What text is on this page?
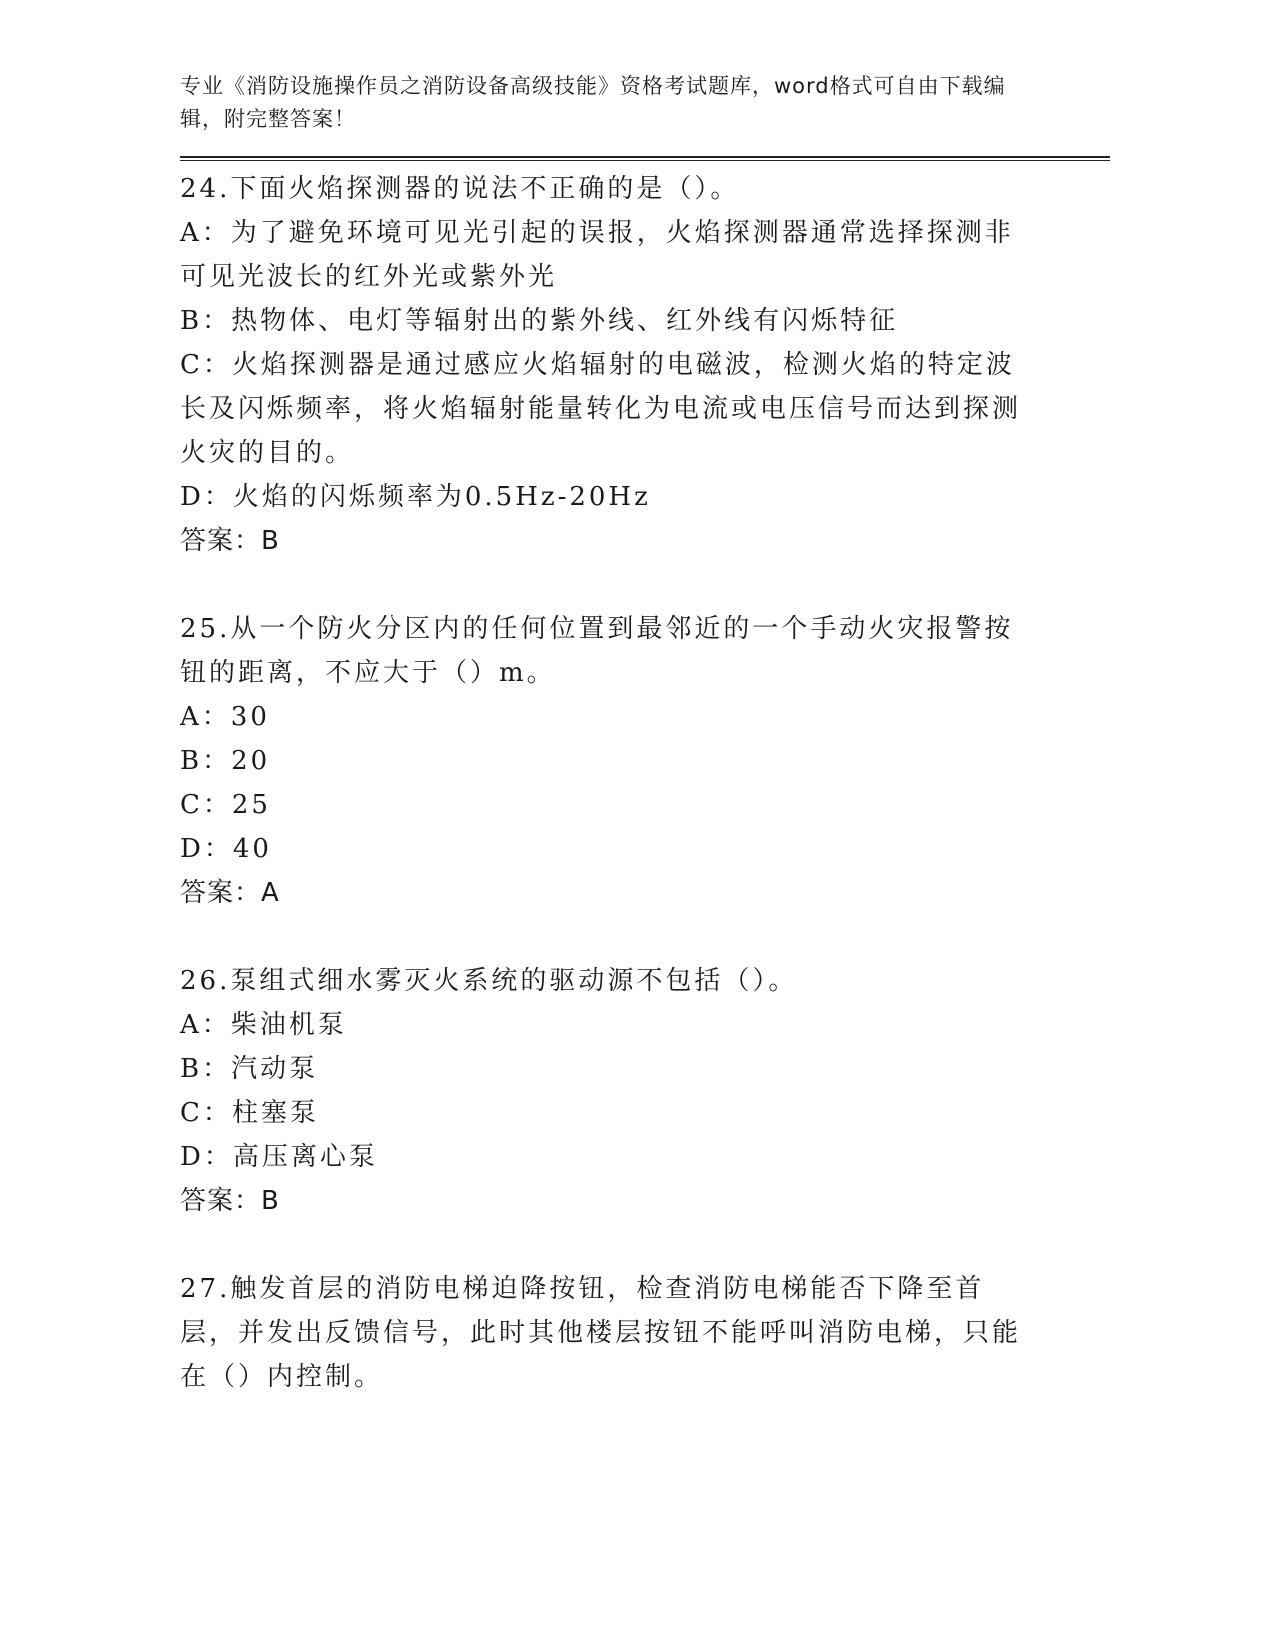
专业《消防设施操作员之消防设备高级技能》资格考试题库，word格式可自由下载编辑，附完整答案！
24.下面火焰探测器的说法不正确的是（）。
A：为了避免环境可见光引起的误报，火焰探测器通常选择探测非可见光波长的红外光或紫外光
B：热物体、电灯等辐射出的紫外线、红外线有闪烁特征
C：火焰探测器是通过感应火焰辐射的电磁波，检测火焰的特定波长及闪烁频率，将火焰辐射能量转化为电流或电压信号而达到探测火灾的目的。
D：火焰的闪烁频率为0.5Hz-20Hz
答案：B
25.从一个防火分区内的任何位置到最邻近的一个手动火灾报警按钮的距离，不应大于（）m。
A：30
B：20
C：25
D：40
答案：A
26.泵组式细水雾灭火系统的驱动源不包括（）。
A：柴油机泵
B：汽动泵
C：柱塞泵
D：高压离心泵
答案：B
27.触发首层的消防电梯迫降按钮，检查消防电梯能否下降至首层，并发出反馈信号，此时其他楼层按钮不能呼叫消防电梯，只能在（）内控制。
